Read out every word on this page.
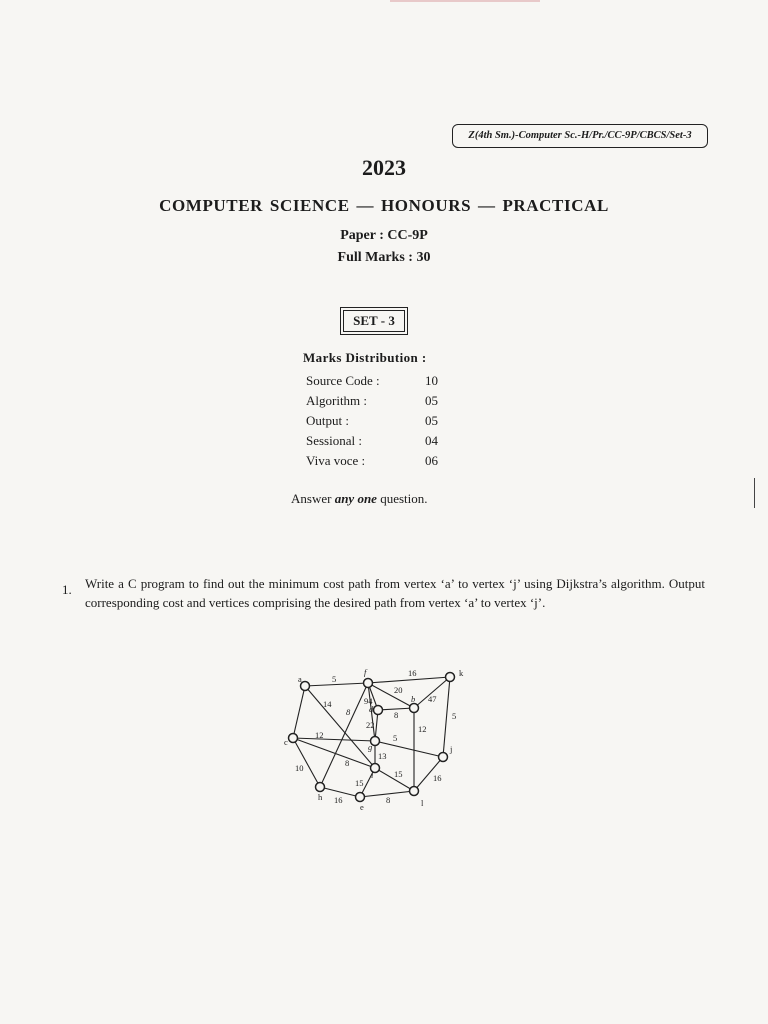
Z(4th Sm.)-Computer Sc.-H/Pr./CC-9P/CBCS/Set-3
2023
COMPUTER SCIENCE — HONOURS — PRACTICAL
Paper : CC-9P
Full Marks : 30
SET - 3
Marks Distribution :
Source Code :	10
Algorithm :	05
Output :	05
Sessional :	04
Viva voce :	06
Answer any one question.
1. Write a C program to find out the minimum cost path from vertex ‘a’ to vertex ‘j’ using Dijkstra’s algorithm. Output corresponding cost and vertices comprising the desired path from vertex ‘a’ to vertex ‘j’.
a
f	k
b
d
c	g	j
i
h
e	l
5
16
20
47
14	94
8	8
22
12
12
5
5
10	8
13
15
15
16
16
8
